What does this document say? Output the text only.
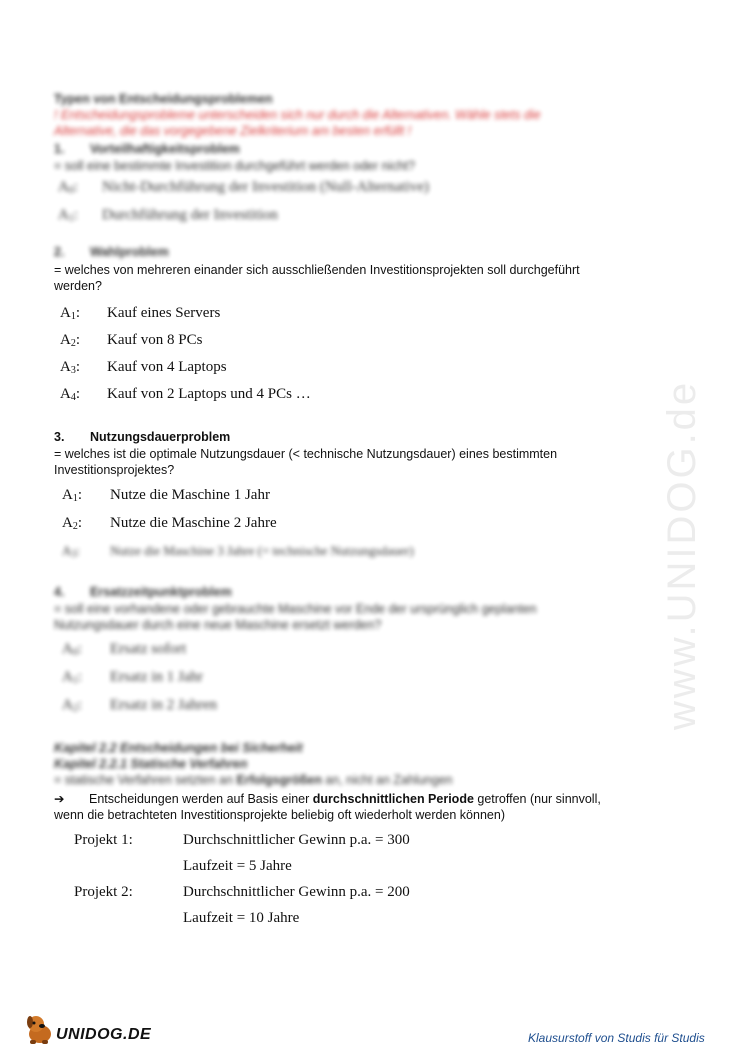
www.UNIDOG.de
Typen von Entscheidungsproblemen
! Entscheidungsprobleme unterscheiden sich nur durch die Alternativen. Wähle stets die
Alternative, die das vorgegebene Zielkriterium am besten erfüllt !
1. Vorteilhaftigkeitsproblem
= soll eine bestimmte Investition durchgeführt werden oder nicht?
$A_0$: Nicht-Durchführung der Investition (Null-Alternative)
$A_1$: Durchführung der Investition
2. Wahlproblem
= welches von mehreren einander sich ausschließenden Investitionsprojekten soll durchgeführt
werden?
$A_1$: Kauf eines Servers
$A_2$: Kauf von 8 PCs
$A_3$: Kauf von 4 Laptops
$A_4$: Kauf von 2 Laptops und 4 PCs …
3. Nutzungsdauerproblem
= welches ist die optimale Nutzungsdauer (< technische Nutzungsdauer) eines bestimmten
Investitionsprojektes?
$A_1$: Nutze die Maschine 1 Jahr
$A_2$: Nutze die Maschine 2 Jahre
$A_3$: Nutze die Maschine 3 Jahre (= technische Nutzungsdauer)
4. Ersatzzeitpunktproblem
= soll eine vorhandene oder gebrauchte Maschine vor Ende der ursprünglich geplanten
Nutzungsdauer durch eine neue Maschine ersetzt werden?
$A_0$: Ersatz sofort
$A_1$: Ersatz in 1 Jahr
$A_2$: Ersatz in 2 Jahren
Kapitel 2.2 Entscheidungen bei Sicherheit
Kapitel 2.2.1 Statische Verfahren
= statische Verfahren setzten an Erfolgsgrößen an, nicht an Zahlungen
➔ Entscheidungen werden auf Basis einer durchschnittlichen Periode getroffen (nur sinnvoll,
wenn die betrachteten Investitionsprojekte beliebig oft wiederholt werden können)
Projekt 1:	Durchschnittlicher Gewinn p.a. = 300
Laufzeit = 5 Jahre
Projekt 2:	Durchschnittlicher Gewinn p.a. = 200
Laufzeit = 10 Jahre
UNIDOG.DE	Klausurstoff von Studis für Studis
